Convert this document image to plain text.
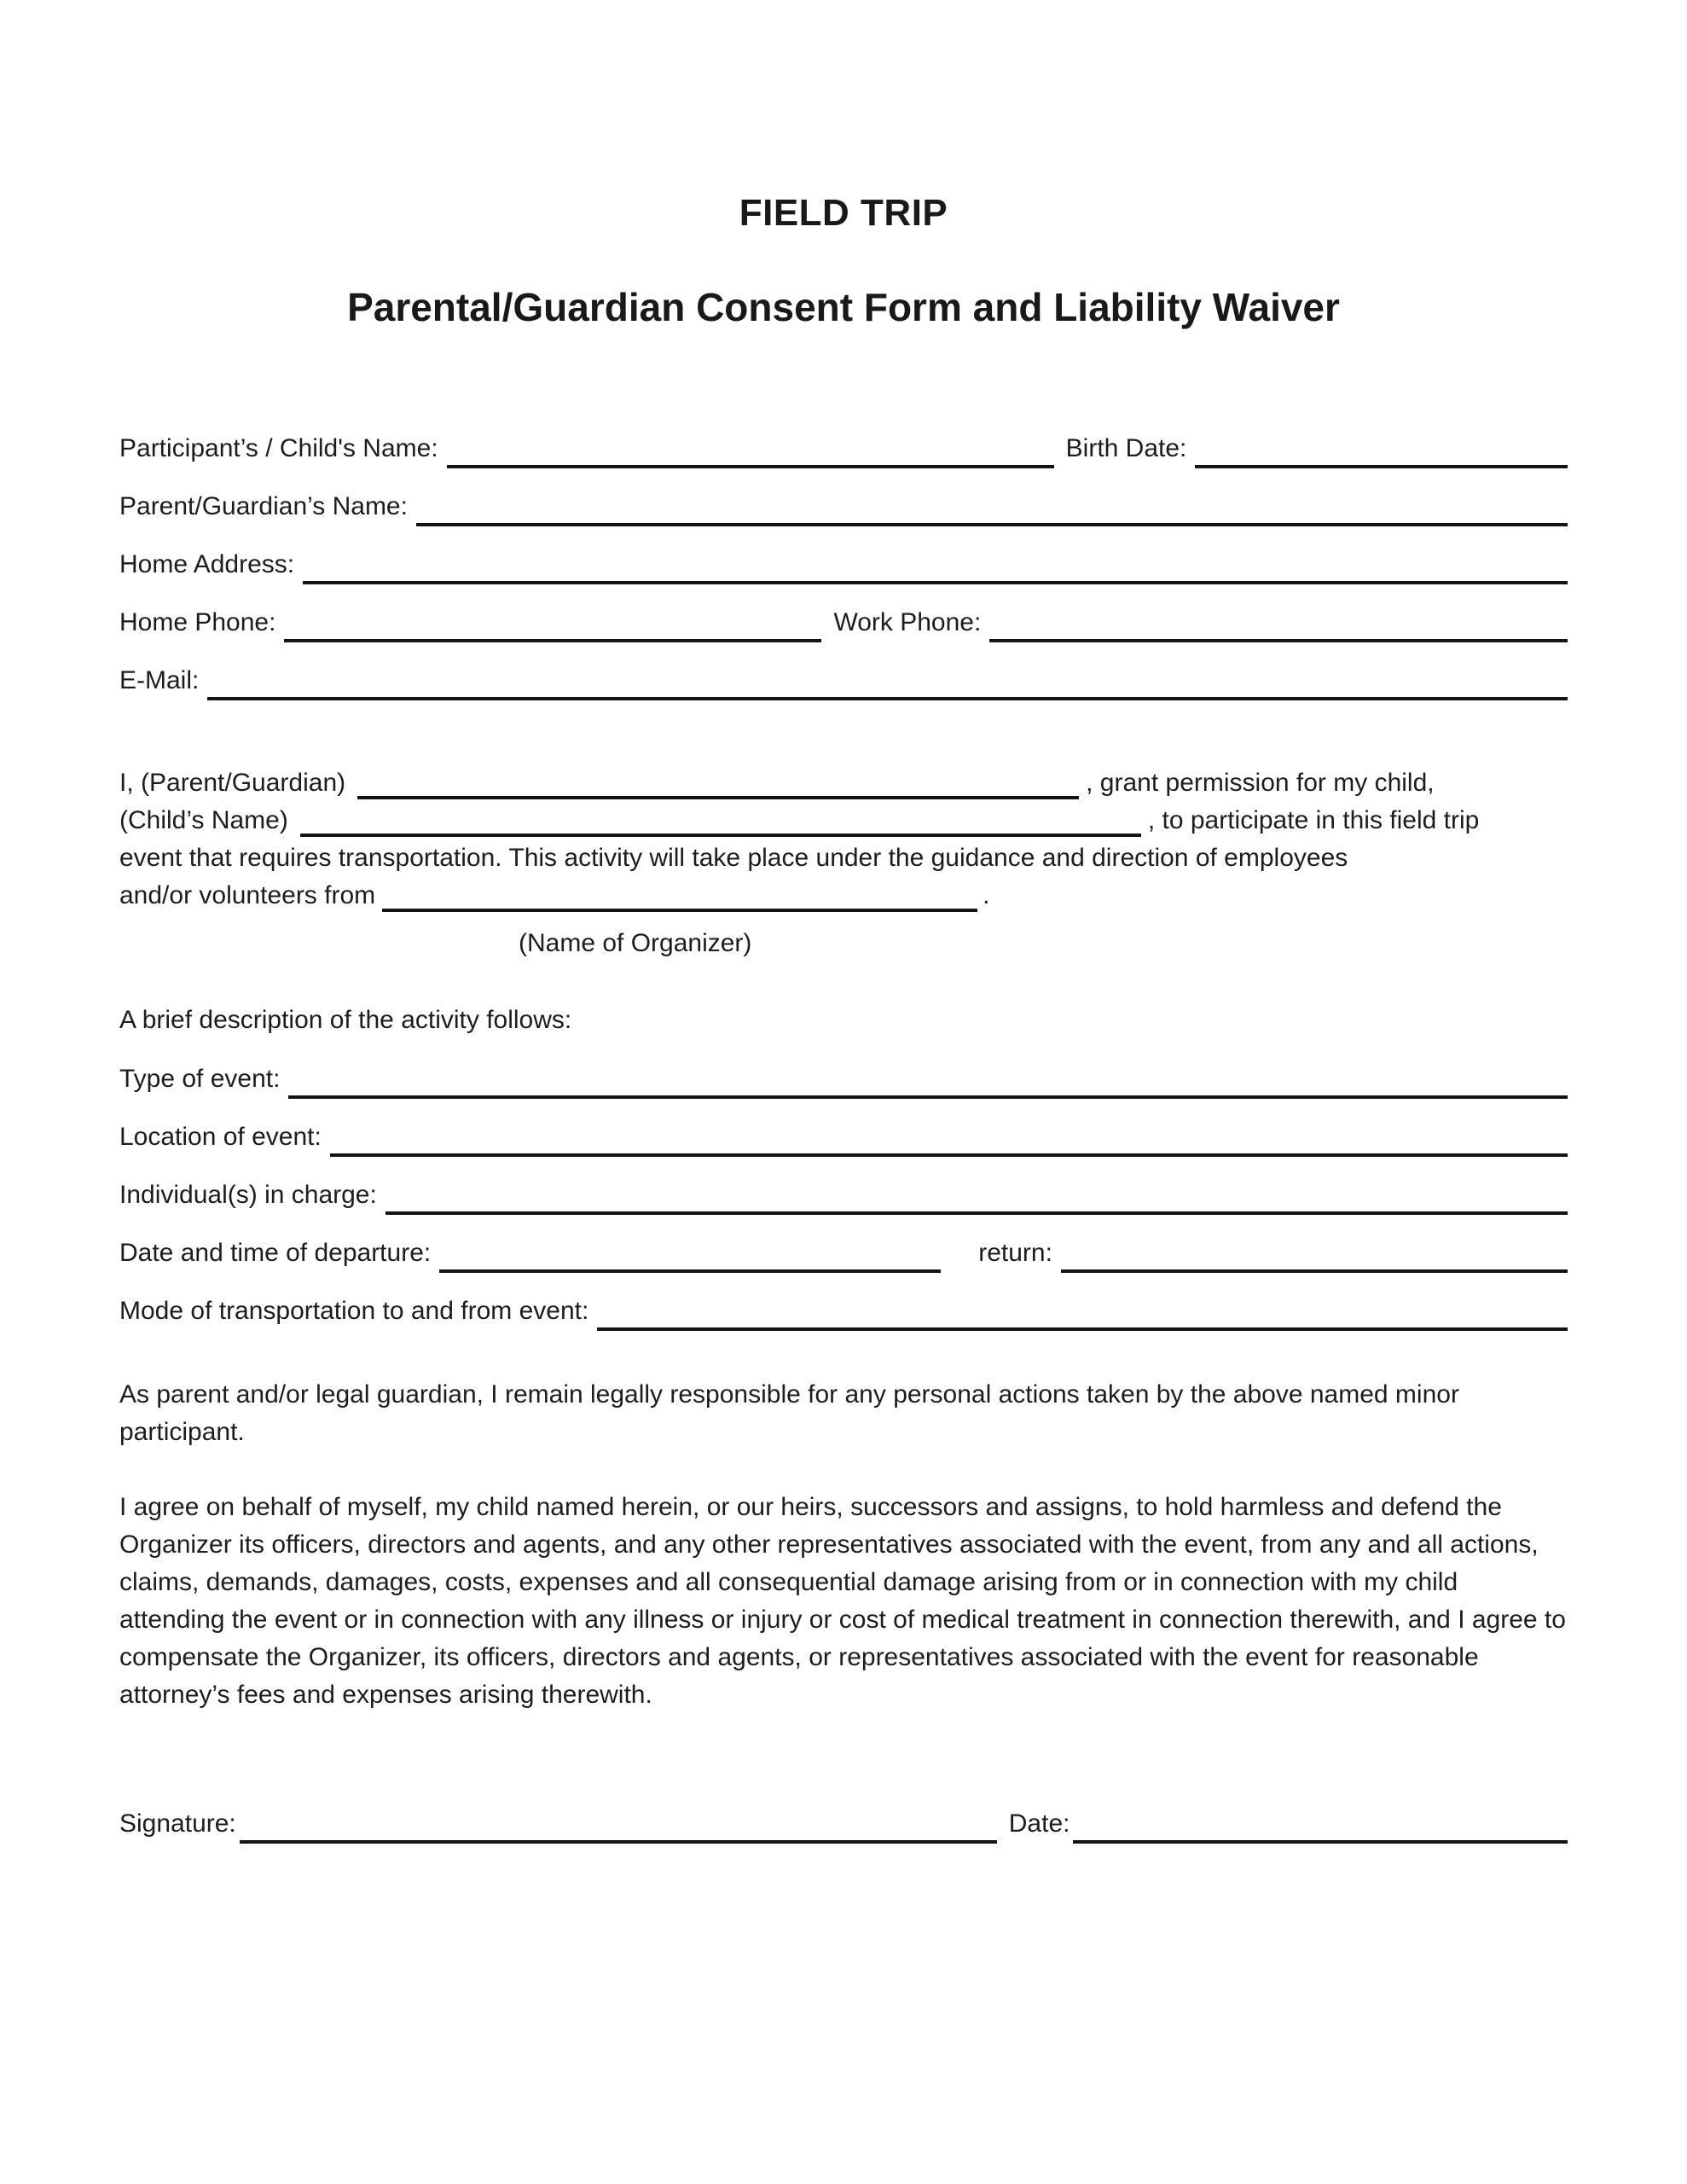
FIELD TRIP
Parental/Guardian Consent Form and Liability Waiver
Participant’s / Child's Name:	Birth Date:
Parent/Guardian’s Name:
Home Address:
Home Phone:	Work Phone:
E-Mail:
I, (Parent/Guardian)	, grant permission for my child,
(Child’s Name)	, to participate in this field trip
event that requires transportation. This activity will take place under the guidance and direction of employees
and/or volunteers from	.
(Name of Organizer)
A brief description of the activity follows:
Type of event:
Location of event:
Individual(s) in charge:
Date and time of departure:	return:
Mode of transportation to and from event:

As parent and/or legal guardian, I remain legally responsible for any personal actions taken by the above named minor participant.

I agree on behalf of myself, my child named herein, or our heirs, successors and assigns, to hold harmless and defend the Organizer its officers, directors and agents, and any other representatives associated with the event, from any and all actions, claims, demands, damages, costs, expenses and all consequential damage arising from or in connection with my child attending the event or in connection with any illness or injury or cost of medical treatment in connection therewith, and I agree to compensate the Organizer, its officers, directors and agents, or representatives associated with the event for reasonable attorney’s fees and expenses arising therewith.

Signature:	Date:
